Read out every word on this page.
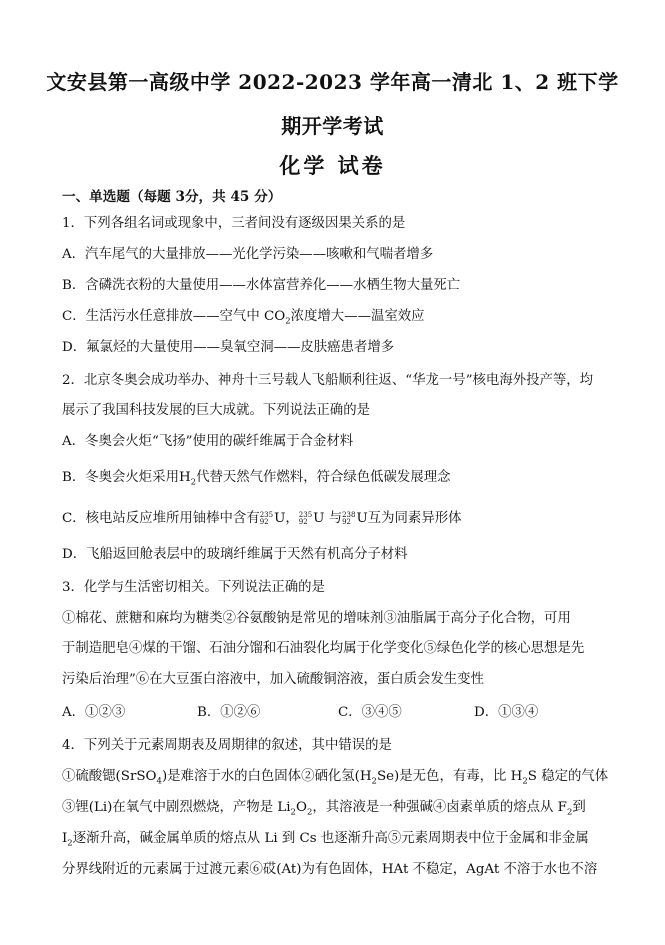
文安县第一高级中学 2022-2023 学年高一清北 1、2 班下学
期开学考试
化学 试卷
一、单选题（每题 3分，共 45 分）
1．下列各组名词或现象中，三者间没有逐级因果关系的是
A．汽车尾气的大量排放——光化学污染——咳嗽和气喘者增多
B．含磷洗衣粉的大量使用——水体富营养化——水栖生物大量死亡
C．生活污水任意排放——空气中 $CO_2$浓度增大——温室效应
D．氟氯烃的大量使用——臭氧空洞——皮肤癌患者增多
2．北京冬奥会成功举办、神舟十三号载人飞船顺利往返、“华龙一号”核电海外投产等，均
展示了我国科技发展的巨大成就。下列说法正确的是
A．冬奥会火炬“飞扬”使用的碳纤维属于合金材料
B．冬奥会火炬采用$H_2$代替天然气作燃料，符合绿色低碳发展理念
C．核电站反应堆所用铀棒中含有 235
92 U， 235
92 U 与 238
92 U互为同素异形体
D．飞船返回舱表层中的玻璃纤维属于天然有机高分子材料
3．化学与生活密切相关。下列说法正确的是
①棉花、蔗糖和麻均为糖类②谷氨酸钠是常见的增味剂③油脂属于高分子化合物，可用
于制造肥皂④煤的干馏、石油分馏和石油裂化均属于化学变化⑤绿色化学的核心思想是先
污染后治理”⑥在大豆蛋白溶液中，加入硫酸铜溶液，蛋白质会发生变性
A．①②③	B．①②⑥	C．③④⑤	D．①③④
4．下列关于元素周期表及周期律的叙述，其中错误的是
①硫酸锶(SrSO$_4$)是难溶于水的白色固体②硒化氢$(H_2Se)$是无色，有毒，比 $H_2S$ 稳定的气体
③锂(Li)在氧气中剧烈燃烧，产物是 $Li_2O_2$，其溶液是一种强碱④卤素单质的熔点从 $F_2$到
$I_2$逐渐升高，碱金属单质的熔点从 Li 到 Cs 也逐渐升高⑤元素周期表中位于金属和非金属
分界线附近的元素属于过渡元素⑥砹(At)为有色固体，HAt 不稳定，AgAt 不溶于水也不溶
